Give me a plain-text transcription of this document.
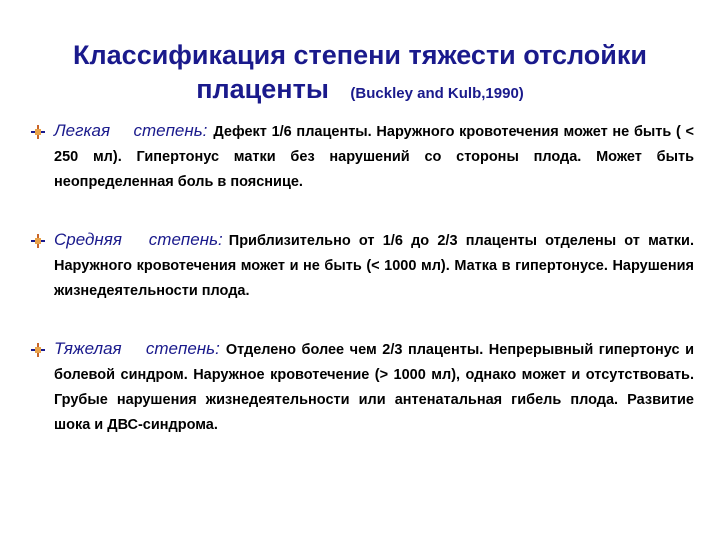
Классификация степени тяжести отслойки плаценты (Buckley and Kulb,1990)
Легкая степень: Дефект 1/6 плаценты. Наружного кровотечения может не быть ( < 250 мл). Гипертонус матки без нарушений со стороны плода. Может быть неопределенная боль в пояснице.
Средняя степень: Приблизительно от 1/6 до 2/3 плаценты отделены от матки. Наружного кровотечения может и не быть (< 1000 мл). Матка в гипертонусе. Нарушения жизнедеятельности плода.
Тяжелая степень: Отделено более чем 2/3 плаценты. Непрерывный гипертонус и болевой синдром. Наружное кровотечение (> 1000 мл), однако может и отсутствовать. Грубые нарушения жизнедеятельности или антенатальная гибель плода. Развитие шока и ДВС-синдрома.
